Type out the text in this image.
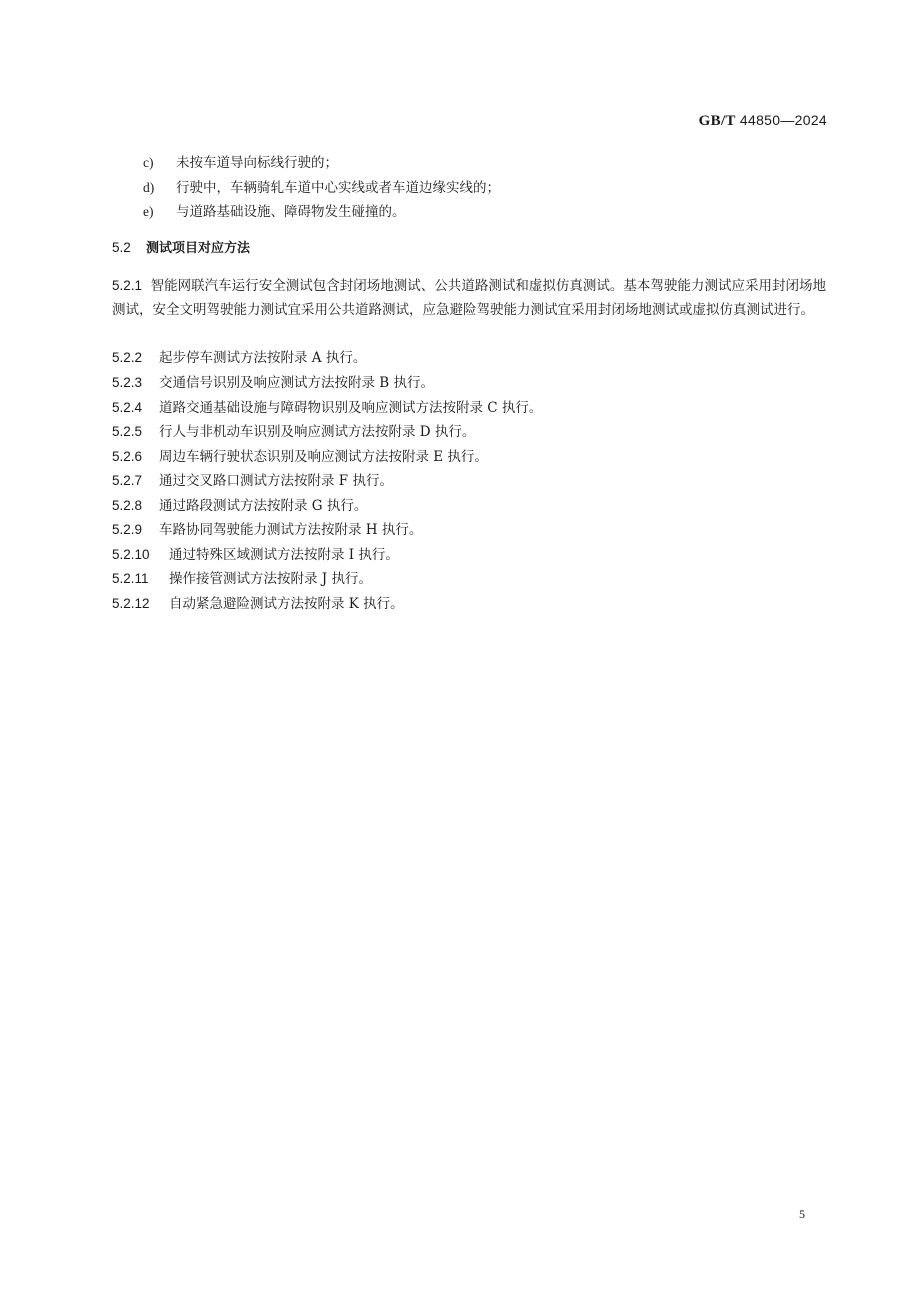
GB/T 44850—2024
c) 未按车道导向标线行驶的；
d) 行驶中，车辆骑轧车道中心实线或者车道边缘实线的；
e) 与道路基础设施、障碍物发生碰撞的。
5.2 测试项目对应方法
5.2.1 智能网联汽车运行安全测试包含封闭场地测试、公共道路测试和虚拟仿真测试。基本驾驶能力测试应采用封闭场地测试，安全文明驾驶能力测试宜采用公共道路测试，应急避险驾驶能力测试宜采用封闭场地测试或虚拟仿真测试进行。
5.2.2 起步停车测试方法按附录 A 执行。
5.2.3 交通信号识别及响应测试方法按附录 B 执行。
5.2.4 道路交通基础设施与障碍物识别及响应测试方法按附录 C 执行。
5.2.5 行人与非机动车识别及响应测试方法按附录 D 执行。
5.2.6 周边车辆行驶状态识别及响应测试方法按附录 E 执行。
5.2.7 通过交叉路口测试方法按附录 F 执行。
5.2.8 通过路段测试方法按附录 G 执行。
5.2.9 车路协同驾驶能力测试方法按附录 H 执行。
5.2.10 通过特殊区域测试方法按附录 I 执行。
5.2.11 操作接管测试方法按附录 J 执行。
5.2.12 自动紧急避险测试方法按附录 K 执行。
5
